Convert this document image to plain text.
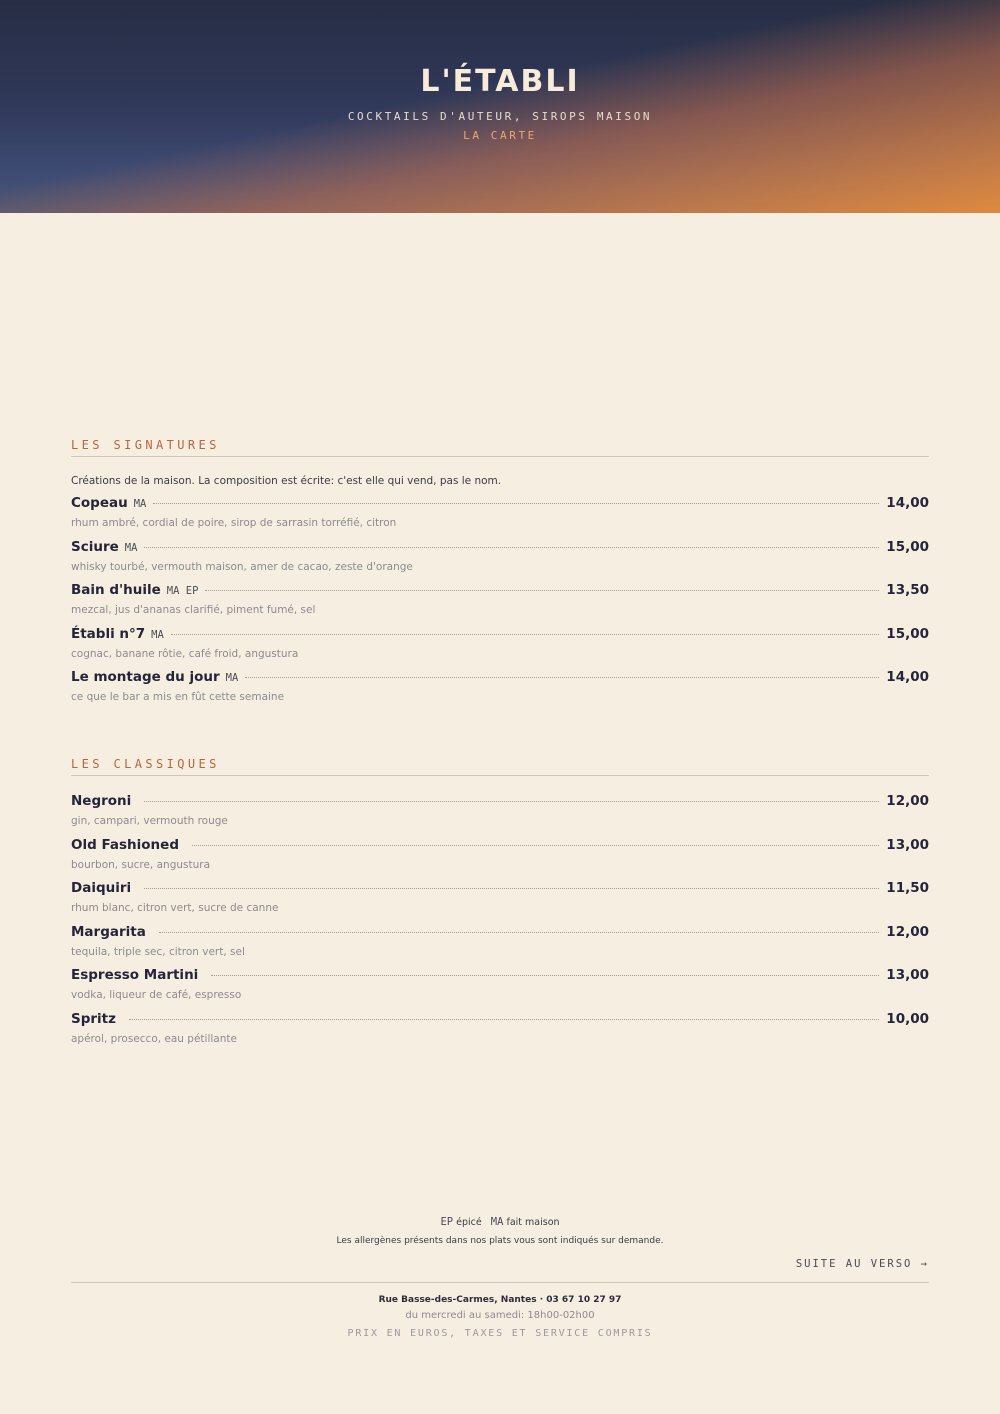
L'ÉTABLI
COCKTAILS D'AUTEUR, SIROPS MAISON
LA CARTE
LES SIGNATURES
Créations de la maison. La composition est écrite: c'est elle qui vend, pas le nom.
Copeau MA	14,00
rhum ambré, cordial de poire, sirop de sarrasin torréfié, citron
Sciure MA	15,00
whisky tourbé, vermouth maison, amer de cacao, zeste d'orange
Bain d'huile MA EP	13,50
mezcal, jus d'ananas clarifié, piment fumé, sel
Établi n°7 MA	15,00
cognac, banane rôtie, café froid, angustura
Le montage du jour MA	14,00
ce que le bar a mis en fût cette semaine
LES CLASSIQUES
Negroni	12,00
gin, campari, vermouth rouge
Old Fashioned	13,00
bourbon, sucre, angustura
Daiquiri	11,50
rhum blanc, citron vert, sucre de canne
Margarita	12,00
tequila, triple sec, citron vert, sel
Espresso Martini	13,00
vodka, liqueur de café, espresso
Spritz	10,00
apérol, prosecco, eau pétillante
EP épicé MA fait maison
Les allergènes présents dans nos plats vous sont indiqués sur demande.
SUITE AU VERSO →
Rue Basse-des-Carmes, Nantes · 03 67 10 27 97
du mercredi au samedi: 18h00-02h00
PRIX EN EUROS, TAXES ET SERVICE COMPRIS
